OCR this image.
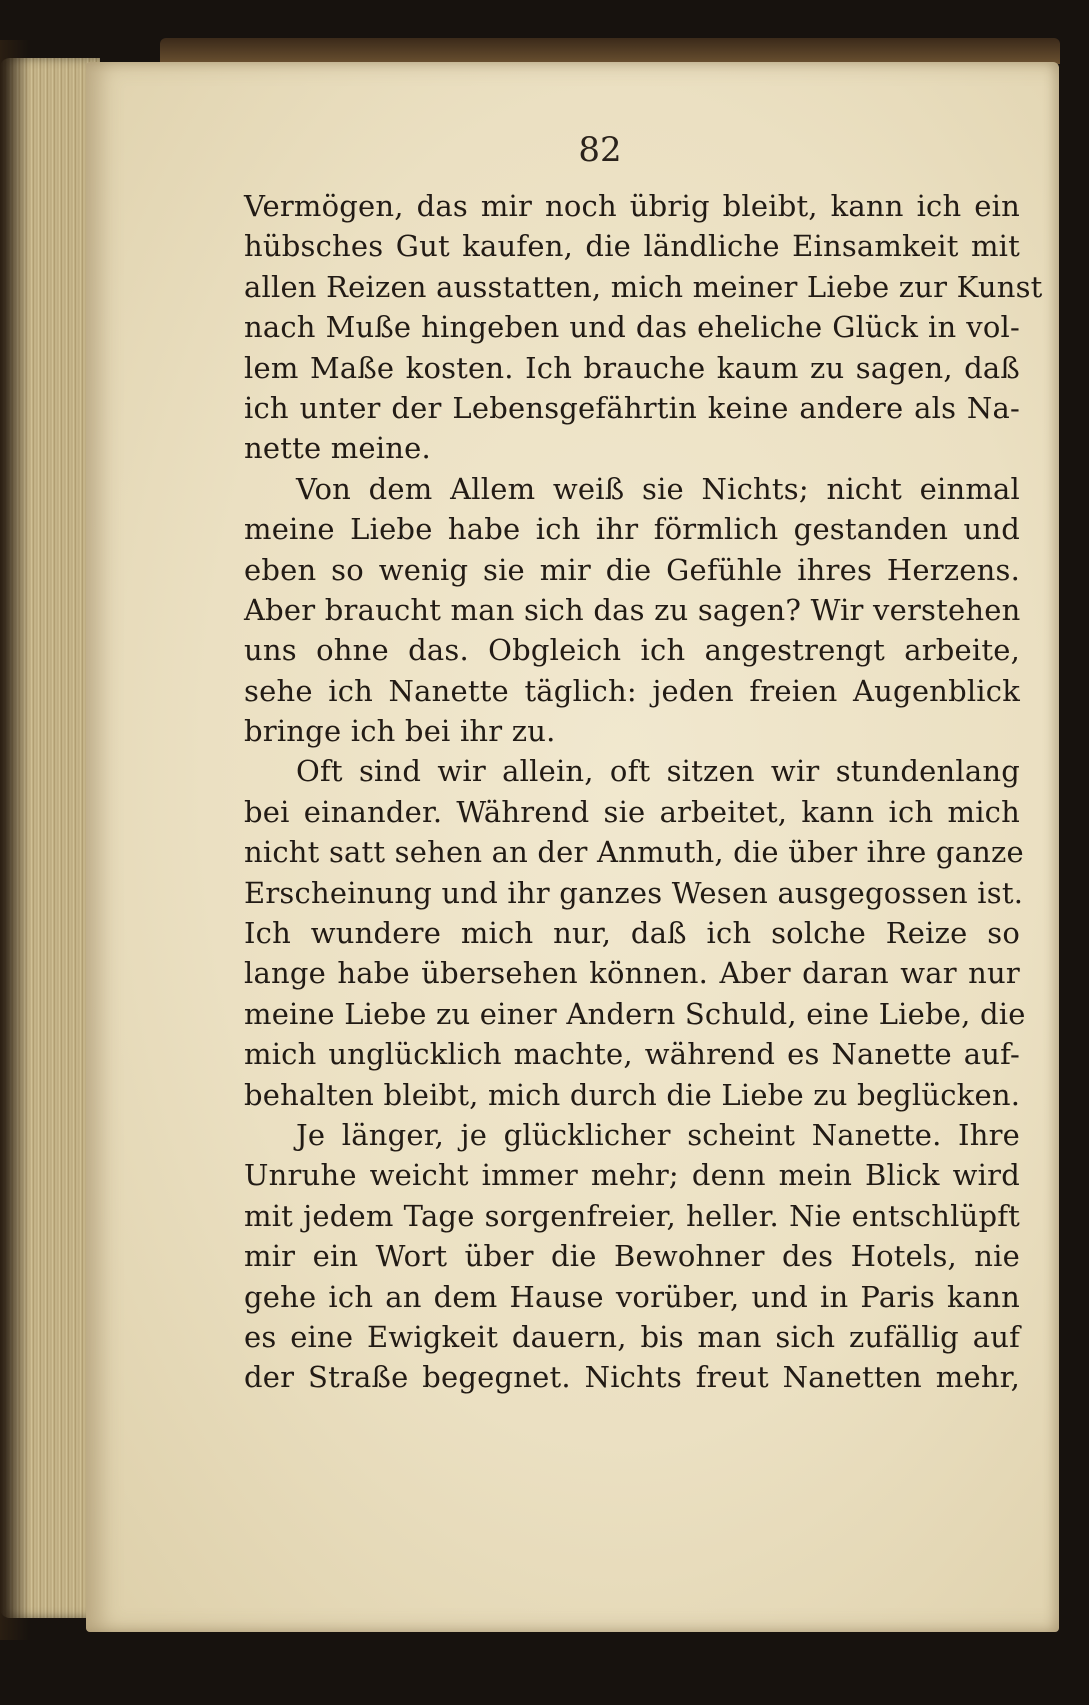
82
Vermögen, das mir noch übrig bleibt, kann ich ein
hübsches Gut kaufen, die ländliche Einsamkeit mit
allen Reizen ausstatten, mich meiner Liebe zur Kunst
nach Muße hingeben und das eheliche Glück in vol-
lem Maße kosten. Ich brauche kaum zu sagen, daß
ich unter der Lebensgefährtin keine andere als Na-
nette meine.
Von dem Allem weiß sie Nichts; nicht einmal
meine Liebe habe ich ihr förmlich gestanden und
eben so wenig sie mir die Gefühle ihres Herzens.
Aber braucht man sich das zu sagen? Wir verstehen
uns ohne das. Obgleich ich angestrengt arbeite,
sehe ich Nanette täglich: jeden freien Augenblick
bringe ich bei ihr zu.
Oft sind wir allein, oft sitzen wir stundenlang
bei einander. Während sie arbeitet, kann ich mich
nicht satt sehen an der Anmuth, die über ihre ganze
Erscheinung und ihr ganzes Wesen ausgegossen ist.
Ich wundere mich nur, daß ich solche Reize so
lange habe übersehen können. Aber daran war nur
meine Liebe zu einer Andern Schuld, eine Liebe, die
mich unglücklich machte, während es Nanette auf-
behalten bleibt, mich durch die Liebe zu beglücken.
Je länger, je glücklicher scheint Nanette. Ihre
Unruhe weicht immer mehr; denn mein Blick wird
mit jedem Tage sorgenfreier, heller. Nie entschlüpft
mir ein Wort über die Bewohner des Hotels, nie
gehe ich an dem Hause vorüber, und in Paris kann
es eine Ewigkeit dauern, bis man sich zufällig auf
der Straße begegnet. Nichts freut Nanetten mehr,
